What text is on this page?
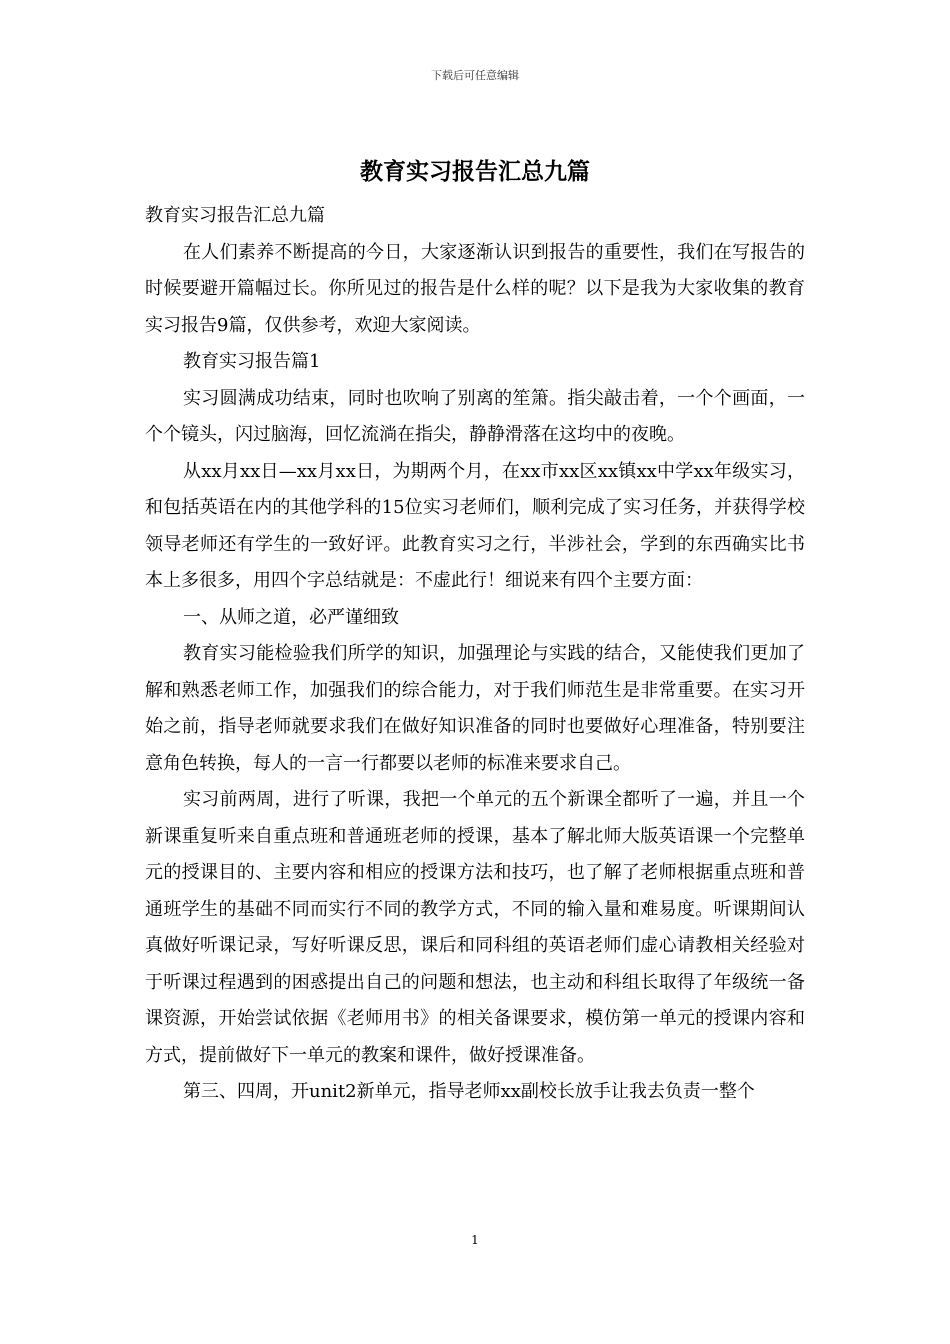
下载后可任意编辑
教育实习报告汇总九篇

教育实习报告汇总九篇

在人们素养不断提高的今日，大家逐渐认识到报告的重要性，我们在写报告的时候要避开篇幅过长。你所见过的报告是什么样的呢？以下是我为大家收集的教育实习报告9篇，仅供参考，欢迎大家阅读。

教育实习报告篇1

实习圆满成功结束，同时也吹响了别离的笙箫。指尖敲击着，一个个画面，一个个镜头，闪过脑海，回忆流淌在指尖，静静滑落在这均中的夜晚。

从xx月xx日—xx月xx日，为期两个月，在xx市xx区xx镇xx中学xx年级实习，和包括英语在内的其他学科的15位实习老师们，顺利完成了实习任务，并获得学校领导老师还有学生的一致好评。此教育实习之行，半涉社会，学到的东西确实比书本上多很多，用四个字总结就是：不虚此行！细说来有四个主要方面：

一、从师之道，必严谨细致

教育实习能检验我们所学的知识，加强理论与实践的结合，又能使我们更加了解和熟悉老师工作，加强我们的综合能力，对于我们师范生是非常重要。在实习开始之前，指导老师就要求我们在做好知识准备的同时也要做好心理准备，特别要注意角色转换，每人的一言一行都要以老师的标准来要求自己。

实习前两周，进行了听课，我把一个单元的五个新课全都听了一遍，并且一个新课重复听来自重点班和普通班老师的授课，基本了解北师大版英语课一个完整单元的授课目的、主要内容和相应的授课方法和技巧，也了解了老师根据重点班和普通班学生的基础不同而实行不同的教学方式，不同的输入量和难易度。听课期间认真做好听课记录，写好听课反思，课后和同科组的英语老师们虚心请教相关经验对于听课过程遇到的困惑提出自己的问题和想法，也主动和科组长取得了年级统一备课资源，开始尝试依据《老师用书》的相关备课要求，模仿第一单元的授课内容和方式，提前做好下一单元的教案和课件，做好授课准备。

第三、四周，开unit2新单元，指导老师xx副校长放手让我去负责一整个

1
